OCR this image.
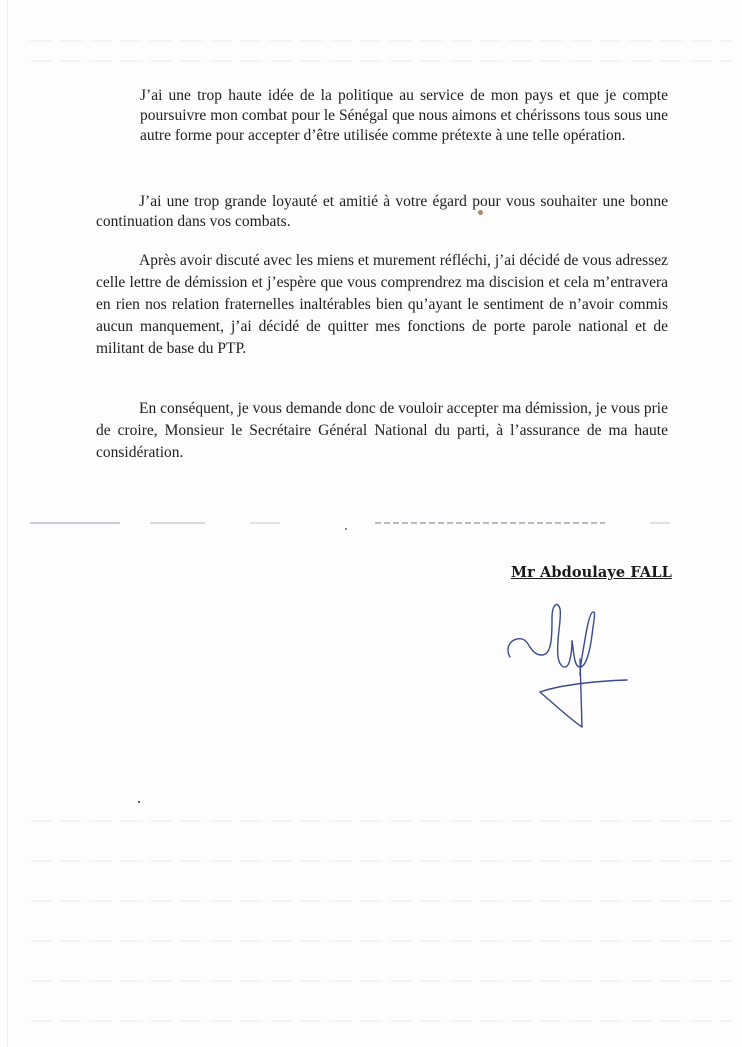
J’ai une trop haute idée de la politique au service de mon pays et que je compte poursuivre mon combat pour le Sénégal que nous aimons et chérissons tous sous une autre forme pour accepter d’être utilisée comme prétexte à une telle opération.

J’ai une trop grande loyauté et amitié à votre égard pour vous souhaiter une bonne continuation dans vos combats.

Après avoir discuté avec les miens et murement réfléchi, j’ai décidé de vous adressez celle lettre de démission et j’espère que vous comprendrez ma discision et cela m’entravera en rien nos relation fraternelles inaltérables bien qu’ayant le sentiment de n’avoir commis aucun manquement, j’ai décidé de quitter mes fonctions de porte parole national et de militant de base du PTP.

En conséquent, je vous demande donc de vouloir accepter ma démission, je vous prie de croire, Monsieur le Secrétaire Général National du parti, à l’assurance de ma haute considération.

Mr Abdoulaye FALL
